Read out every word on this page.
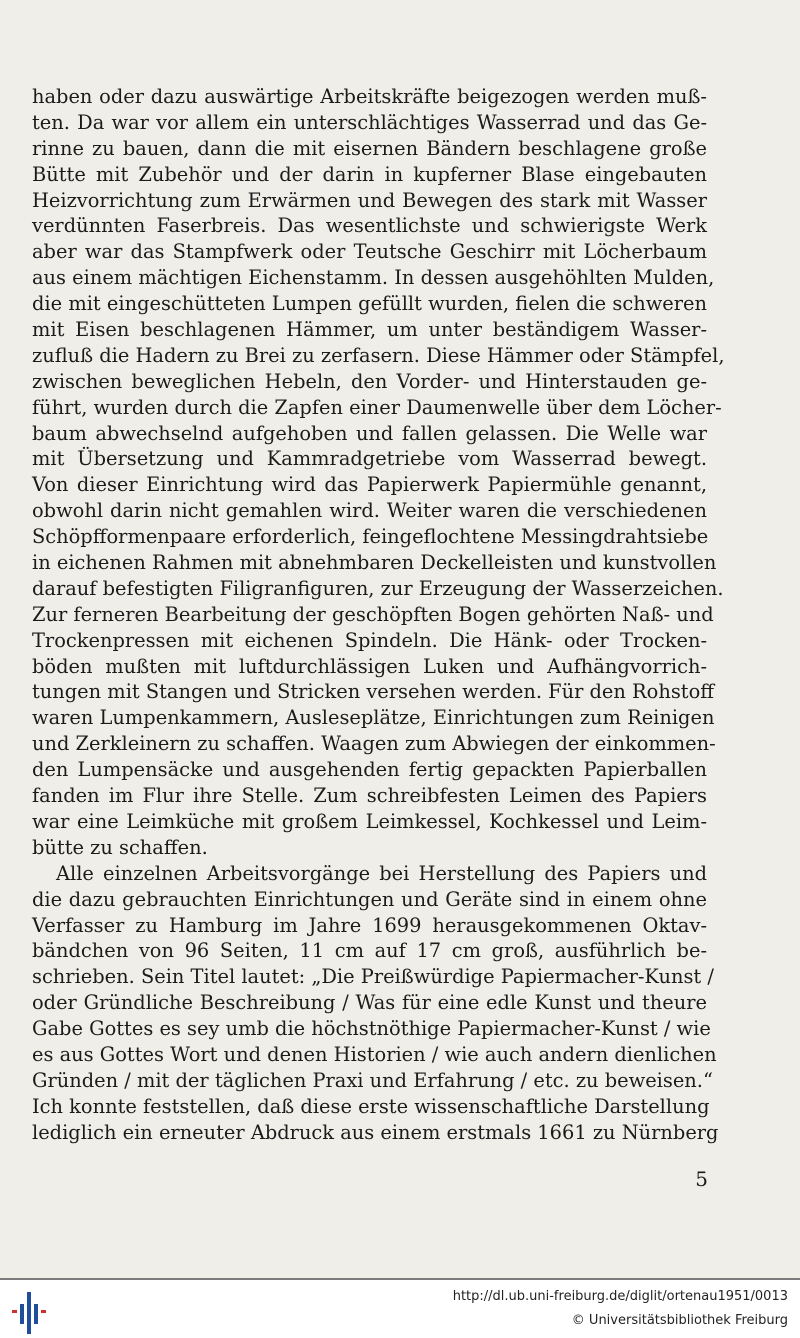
haben oder dazu auswärtige Arbeitskräfte beigezogen werden muß-
ten. Da war vor allem ein unterschlächtiges Wasserrad und das Ge-
rinne zu bauen, dann die mit eisernen Bändern beschlagene große
Bütte mit Zubehör und der darin in kupferner Blase eingebauten
Heizvorrichtung zum Erwärmen und Bewegen des stark mit Wasser
verdünnten Faserbreis. Das wesentlichste und schwierigste Werk
aber war das Stampfwerk oder Teutsche Geschirr mit Löcherbaum
aus einem mächtigen Eichenstamm. In dessen ausgehöhlten Mulden,
die mit eingeschütteten Lumpen gefüllt wurden, fielen die schweren
mit Eisen beschlagenen Hämmer, um unter beständigem Wasser-
zufluß die Hadern zu Brei zu zerfasern. Diese Hämmer oder Stämpfel,
zwischen beweglichen Hebeln, den Vorder- und Hinterstauden ge-
führt, wurden durch die Zapfen einer Daumenwelle über dem Löcher-
baum abwechselnd aufgehoben und fallen gelassen. Die Welle war
mit Übersetzung und Kammradgetriebe vom Wasserrad bewegt.
Von dieser Einrichtung wird das Papierwerk Papiermühle genannt,
obwohl darin nicht gemahlen wird. Weiter waren die verschiedenen
Schöpfformenpaare erforderlich, feingeflochtene Messingdrahtsiebe
in eichenen Rahmen mit abnehmbaren Deckelleisten und kunstvollen
darauf befestigten Filigranfiguren, zur Erzeugung der Wasserzeichen.
Zur ferneren Bearbeitung der geschöpften Bogen gehörten Naß- und
Trockenpressen mit eichenen Spindeln. Die Hänk- oder Trocken-
böden mußten mit luftdurchlässigen Luken und Aufhängvorrich-
tungen mit Stangen und Stricken versehen werden. Für den Rohstoff
waren Lumpenkammern, Ausleseplätze, Einrichtungen zum Reinigen
und Zerkleinern zu schaffen. Waagen zum Abwiegen der einkommen-
den Lumpensäcke und ausgehenden fertig gepackten Papierballen
fanden im Flur ihre Stelle. Zum schreibfesten Leimen des Papiers
war eine Leimküche mit großem Leimkessel, Kochkessel und Leim-
bütte zu schaffen.
Alle einzelnen Arbeitsvorgänge bei Herstellung des Papiers und
die dazu gebrauchten Einrichtungen und Geräte sind in einem ohne
Verfasser zu Hamburg im Jahre 1699 herausgekommenen Oktav-
bändchen von 96 Seiten, 11 cm auf 17 cm groß, ausführlich be-
schrieben. Sein Titel lautet: „Die Preißwürdige Papiermacher-Kunst /
oder Gründliche Beschreibung / Was für eine edle Kunst und theure
Gabe Gottes es sey umb die höchstnöthige Papiermacher-Kunst / wie
es aus Gottes Wort und denen Historien / wie auch andern dienlichen
Gründen / mit der täglichen Praxi und Erfahrung / etc. zu beweisen.“
Ich konnte feststellen, daß diese erste wissenschaftliche Darstellung
lediglich ein erneuter Abdruck aus einem erstmals 1661 zu Nürnberg
5
http://dl.ub.uni-freiburg.de/diglit/ortenau1951/0013
© Universitätsbibliothek Freiburg
